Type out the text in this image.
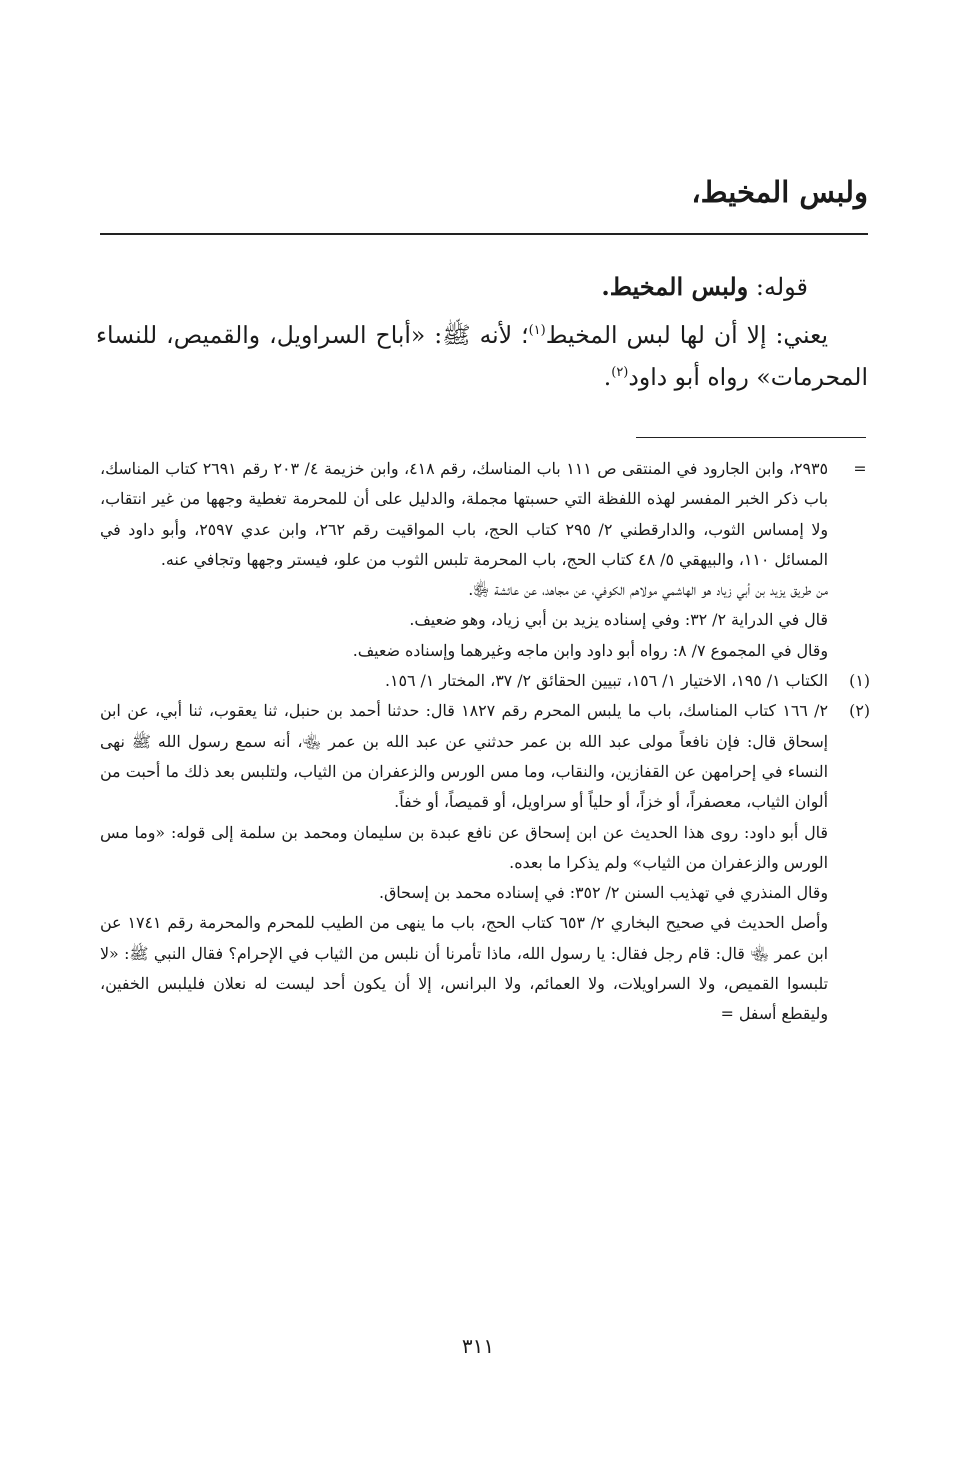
ولبس المخيط،

قوله: ولبس المخيط.

يعني: إلا أن لها لبس المخيط$^{(١)}$؛ لأنه ﷺ: «أباح السراويل، والقميص، للنساء المحرمات» رواه أبو داود$^{(٢)}$.

=

٢٩٣٥، وابن الجارود في المنتقى ص ١١١ باب المناسك، رقم ٤١٨، وابن خزيمة ٤/ ٢٠٣ رقم ٢٦٩١ كتاب المناسك، باب ذكر الخبر المفسر لهذه اللفظة التي حسبتها مجملة، والدليل على أن للمحرمة تغطية وجهها من غير انتقاب، ولا إمساس الثوب، والدارقطني ٢/ ٢٩٥ كتاب الحج، باب المواقيت رقم ٢٦٢، وابن عدي ٢٥٩٧، وأبو داود في المسائل ١١٠، والبيهقي ٥/ ٤٨ كتاب الحج، باب المحرمة تلبس الثوب من علو، فيستر وجهها وتجافي عنه.

من طريق يزيد بن أبي زياد هو الهاشمي مولاهم الكوفي، عن مجاهد، عن عائشة ﵂.

قال في الدراية ٢/ ٣٢: وفي إسناده يزيد بن أبي زياد، وهو ضعيف.

وقال في المجموع ٧/ ٨: رواه أبو داود وابن ماجه وغيرهما وإسناده ضعيف.

(١)

الكتاب ١/ ١٩٥، الاختيار ١/ ١٥٦، تبيين الحقائق ٢/ ٣٧، المختار ١/ ١٥٦.

(٢)

٢/ ١٦٦ كتاب المناسك، باب ما يلبس المحرم رقم ١٨٢٧ قال: حدثنا أحمد بن حنبل، ثنا يعقوب، ثنا أبي، عن ابن إسحاق قال: فإن نافعاً مولى عبد الله بن عمر حدثني عن عبد الله بن عمر ﵄، أنه سمع رسول الله ﷺ نهى النساء في إحرامهن عن القفازين، والنقاب، وما مس الورس والزعفران من الثياب، ولتلبس بعد ذلك ما أحبت من ألوان الثياب، معصفراً، أو خزاً، أو حلياً أو سراويل، أو قميصاً، أو خفاً.

قال أبو داود: روى هذا الحديث عن ابن إسحاق عن نافع عبدة بن سليمان ومحمد بن سلمة إلى قوله: «وما مس الورس والزعفران من الثياب» ولم يذكرا ما بعده.

وقال المنذري في تهذيب السنن ٢/ ٣٥٢: في إسناده محمد بن إسحاق.

وأصل الحديث في صحيح البخاري ٢/ ٦٥٣ كتاب الحج، باب ما ينهى من الطيب للمحرم والمحرمة رقم ١٧٤١ عن ابن عمر ﵄ قال: قام رجل فقال: يا رسول الله، ماذا تأمرنا أن نلبس من الثياب في الإحرام؟ فقال النبي ﷺ: «لا تلبسوا القميص، ولا السراويلات، ولا العمائم، ولا البرانس، إلا أن يكون أحد ليست له نعلان فليلبس الخفين، وليقطع أسفل =

٣١١
